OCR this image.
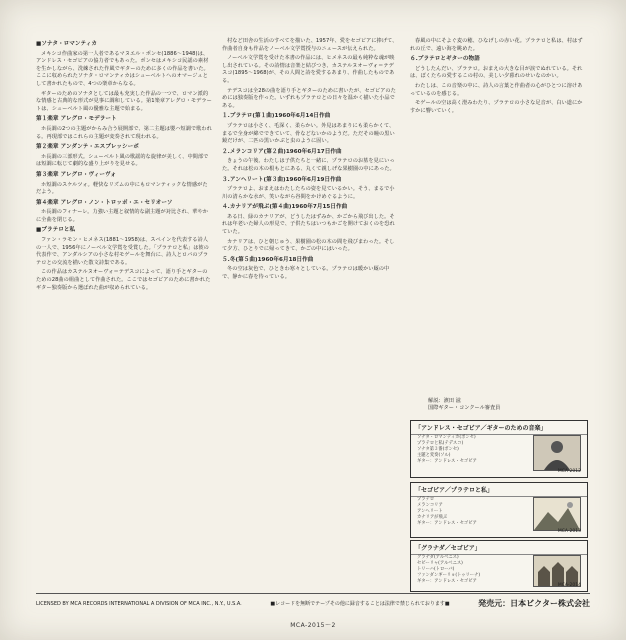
■ソナタ・ロマンティカ

メキシコ作曲家の第一人者であるマヌエル・ポンセ(1886〜1948)は、アンドレス・セゴビアの協力者でもあった。ポンセはメキシコ民謡の素材を生かしながら、洗練された作風でギターのために多くの作品を書いた。ここに収められたソナタ・ロマンティカはシューベルトへのオマージュとして書かれたもので、4つの楽章からなる。

ギターのためのソナタとしては最も充実した作品の一つで、ロマン派的な情感と古典的な形式が見事に調和している。第1楽章アレグロ・モデラートは、シューベルト風の優雅な主題で始まる。

第１楽章 アレグロ・モデラート

ホ長調の2つの主題がからみ合う展開部で、第二主題は嬰ハ短調で歌われる。再現部ではこれらの主題が変奏されて現われる。

第２楽章 アンダンテ・エスプレッシーボ

ホ長調の三部形式。シューベルト風の歌謡的な旋律が美しく、中間部では短調に転じて劇的な盛り上がりを見せる。

第３楽章 アレグロ・ヴィーヴォ

ホ短調のスケルツォ。軽快なリズムの中にもロマンティックな情感がただよう。

第４楽章 アレグロ・ノン・トロッポ・エ・セリオーソ

ホ長調のフィナーレ。力強い主題と叙情的な副主題が対比され、華やかに全曲を閉じる。

■プラテロと私

ファン・ラモン・ヒメネス(1881〜1958)は、スペインを代表する詩人の一人で、1956年にノーベル文学賞を受賞した。「プラテロと私」は彼の代表作で、アンダルシアの小さな村モゲールを舞台に、詩人とロバのプラテロとの交流を描いた散文詩集である。

この作品はカステルヌオーヴォ＝テデスコによって、語り手とギターのための28曲の組曲として作曲された。ここではセゴビアのために書かれたギター独奏版から選ばれた曲が収められている。

村など田舎の生活のすべてを描いた、1957年、愛をセゴビアに捧げて、作曲者自身も作品をノーベル文学賞授与のニュースが伝えられた。

ノーベル文学賞を受けた本書の作品には、ヒメネスの最も純粋な魂が映し出されている。その詩情は音楽と結びつき、カステルヌオーヴォ＝テデスコ(1895〜1968)が、その人間と詩を愛するあまり、作曲したものである。

テデスコは全28の曲を語り手とギターのために書いたが、セゴビアのためには独奏版を作った。いずれもプラテロとの日々を温かく描いた小品である。

１.プラテロ(第１曲)1960年6月14日作曲

プラテロは小さく、毛深く、柔らかい。外見はあまりにも柔らかくて、まるで全身が綿でできていて、骨などないかのようだ。ただその瞳の黒い鏡だけが、二匹の黒いかぶと虫のように固い。

２.メランコリア(第２曲)1960年6月17日作曲

きょうの午後、わたしは子供たちと一緒に、プラテロのお墓を見にいった。それは松の木の根もとにある、丸くて親しげな果樹園の中にあった。

３.アンヘリート(第３曲)1960年6月19日作曲

プラテロよ、おまえはわたしたちの姿を見ているかい。そう、まるで小川の清らかな水が、笑いながら谷間をかけめぐるように。

４.カナリアが飛ぶ(第４曲)1960年7月15日作曲

ある日、緑のカナリアが、どうしたはずみか、かごから飛び出した。それは年老いた婦人の形見で、子供たちはいつもかごを開けておくのを恐れていた。

カナリアは、ひと朝じゅう、果樹園の松の木の間を飛びまわった。そして夕方、ひとりでに帰ってきて、かごの中にはいった。

５.冬(第５曲)1960年6月18日作曲

冬の空は灰色で、ひときわ寒々としている。プラテロは暖かい厩の中で、静かに春を待っている。

春風の中にそよぐ麦の穂、ひなげしの赤い花。プラテロと私は、村はずれの丘で、遠い海を眺めた。

６.プラテロとギターの物語

どうしたんだい、プラテロ。おまえの大きな目が涙でぬれている。それは、ぼくたちの愛するこの村の、美しい夕暮れのせいなのかい。

わたしは、この音楽の中に、詩人の言葉と作曲者の心がひとつに溶けあっているのを感じる。

モゲールの空は高く澄みわたり、プラテロの小さな足音が、白い道にかすかに響いていく。

解説：濱田 滋
国際ギター・コンクール審査員
「アンドレス・セゴビア／ギターのための音楽」
ソナタ・ロマンティカ(ポンセ)
プラテロと私(テデスコ)
ソナタ第３番(ポンセ)
主題と変奏(ソル)
ギター：アンドレス・セゴビア
MCA-2012
「セゴビア／プラテロと私」
プラテロ
メランコリア
アンヘリート
カナリアが飛ぶ
ギター：アンドレス・セゴビア
MCA-2013
「グラナダ／セゴビア」
グラナダ(アルベニス)
セビーリャ(アルベニス)
トリーハ(トローバ)
ファンダンギーリョ(トゥリーナ)
ギター：アンドレス・セゴビア
MCA-2014
LICENSED BY MCA RECORDS INTERNATIONAL A DIVISION OF MCA INC., N.Y., U.S.A.	■レコードを無断でテープその他に録音することは法律で禁じられております■	発売元：日本ビクター株式会社
MCA-2015〜2
